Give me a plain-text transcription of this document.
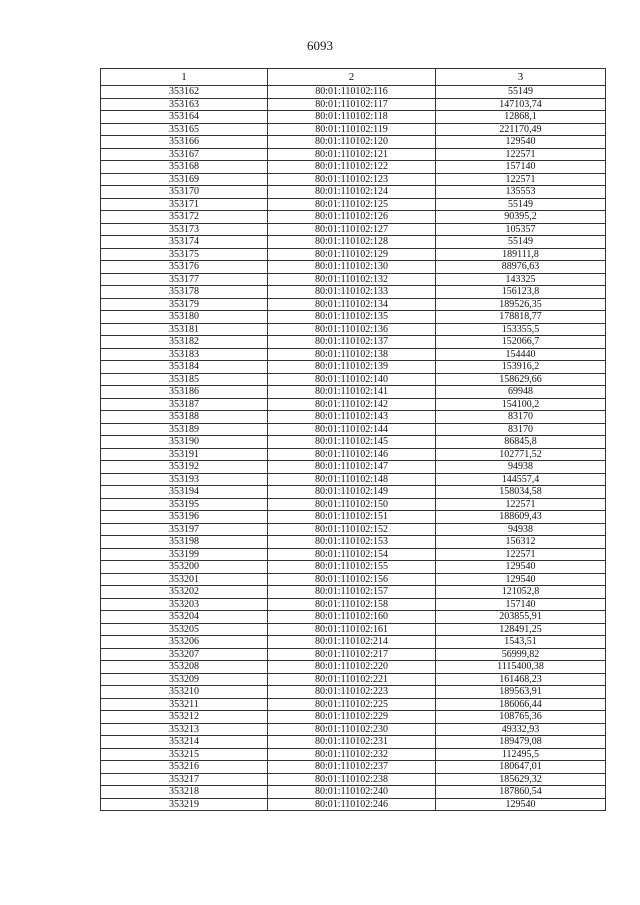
6093
1	2	3
353162	80:01:110102:116	55149
353163	80:01:110102:117	147103,74
353164	80:01:110102:118	12868,1
353165	80:01:110102:119	221170,49
353166	80:01:110102:120	129540
353167	80:01:110102:121	122571
353168	80:01:110102:122	157140
353169	80:01:110102:123	122571
353170	80:01:110102:124	135553
353171	80:01:110102:125	55149
353172	80:01:110102:126	90395,2
353173	80:01:110102:127	105357
353174	80:01:110102:128	55149
353175	80:01:110102:129	189111,8
353176	80:01:110102:130	88976,63
353177	80:01:110102:132	143325
353178	80:01:110102:133	156123,8
353179	80:01:110102:134	189526,35
353180	80:01:110102:135	178818,77
353181	80:01:110102:136	153355,5
353182	80:01:110102:137	152066,7
353183	80:01:110102:138	154440
353184	80:01:110102:139	153916,2
353185	80:01:110102:140	158629,66
353186	80:01:110102:141	69948
353187	80:01:110102:142	154100,2
353188	80:01:110102:143	83170
353189	80:01:110102:144	83170
353190	80:01:110102:145	86845,8
353191	80:01:110102:146	102771,52
353192	80:01:110102:147	94938
353193	80:01:110102:148	144557,4
353194	80:01:110102:149	158034,58
353195	80:01:110102:150	122571
353196	80:01:110102:151	188609,43
353197	80:01:110102:152	94938
353198	80:01:110102:153	156312
353199	80:01:110102:154	122571
353200	80:01:110102:155	129540
353201	80:01:110102:156	129540
353202	80:01:110102:157	121052,8
353203	80:01:110102:158	157140
353204	80:01:110102:160	203855,91
353205	80:01:110102:161	128491,25
353206	80:01:110102:214	1543,51
353207	80:01:110102:217	56999,82
353208	80:01:110102:220	1115400,38
353209	80:01:110102:221	161468,23
353210	80:01:110102:223	189563,91
353211	80:01:110102:225	186066,44
353212	80:01:110102:229	108765,36
353213	80:01:110102:230	49332,93
353214	80:01:110102:231	189479,08
353215	80:01:110102:232	112495,5
353216	80:01:110102:237	180647,01
353217	80:01:110102:238	185629,32
353218	80:01:110102:240	187860,54
353219	80:01:110102:246	129540
